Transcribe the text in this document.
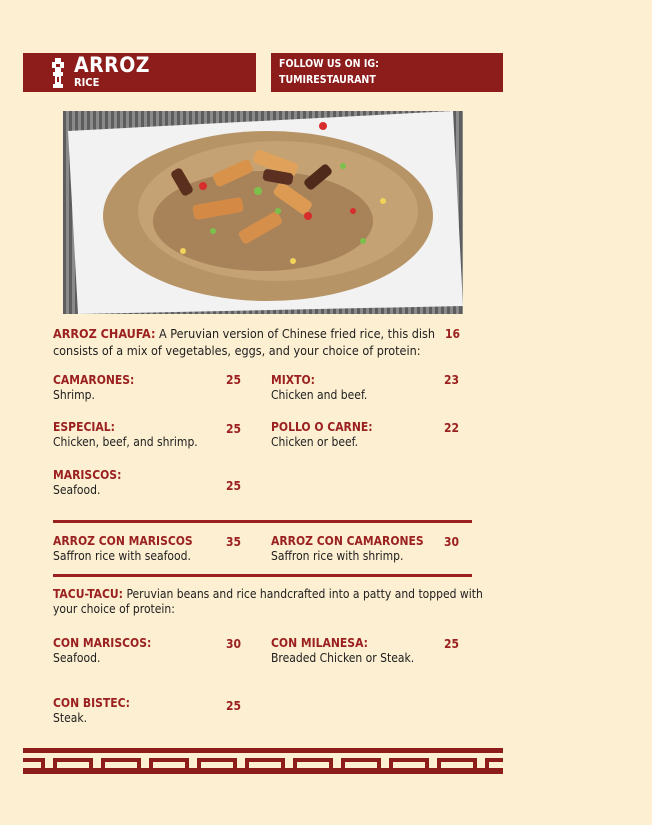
ARROZ
RICE
FOLLOW US ON IG:
TUMIRESTAURANT
ARROZ CHAUFA: A Peruvian version of Chinese fried rice, this dish
consists of a mix of vegetables, eggs, and your choice of protein:
16
CAMARONES:
Shrimp.
25 MIXTO:
Chicken and beef.
23
ESPECIAL:
Chicken, beef, and shrimp.
25 POLLO O CARNE:
Chicken or beef.
22
MARISCOS:
Seafood.	25
ARROZ CON MARISCOS
Saffron rice with seafood.
35 ARROZ CON CAMARONES
Saffron rice with shrimp.
30
TACU-TACU: Peruvian beans and rice handcrafted into a patty and topped with
your choice of protein:
CON MARISCOS:
Seafood.
30 CON MILANESA:
Breaded Chicken or Steak.
25
CON BISTEC:
Steak.
25
